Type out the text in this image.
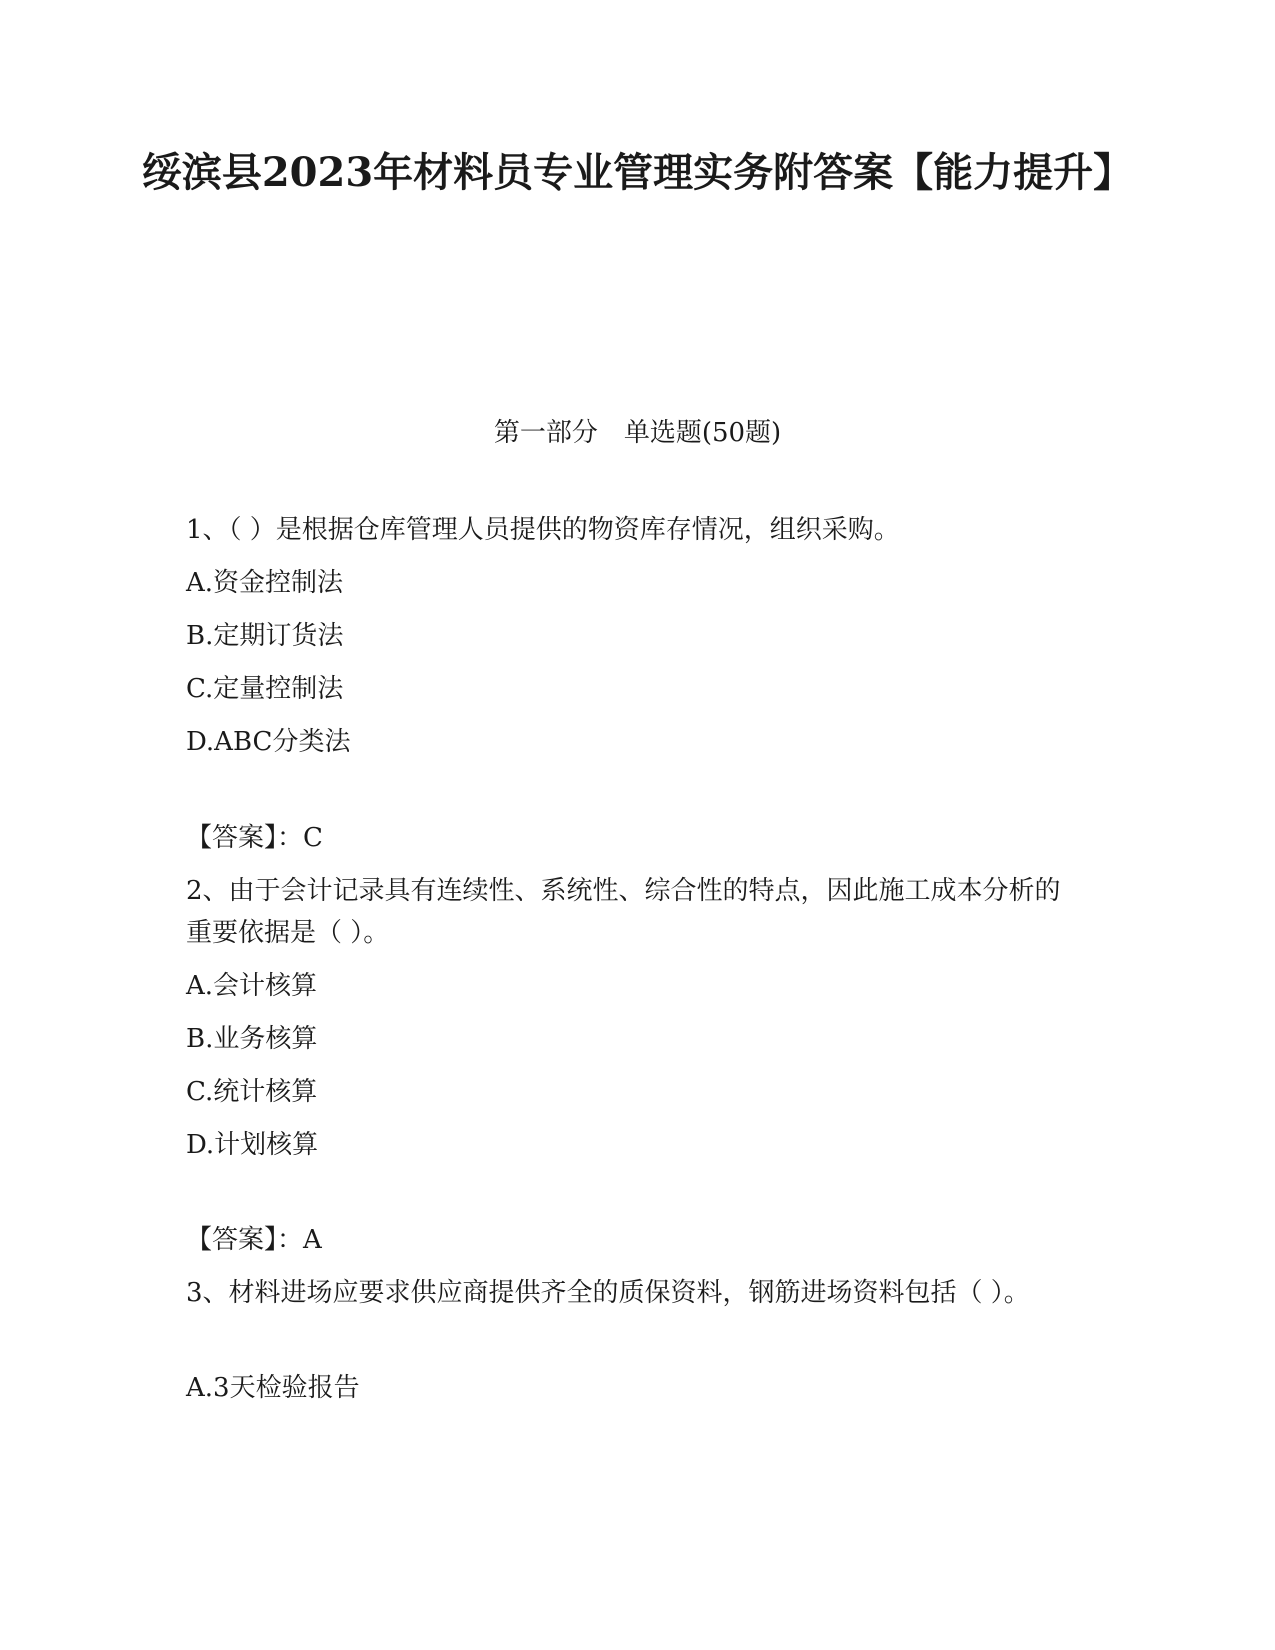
绥滨县2023年材料员专业管理实务附答案【能力提升】
第一部分　单选题(50题)
1、（ ）是根据仓库管理人员提供的物资库存情况，组织采购。
A.资金控制法
B.定期订货法
C.定量控制法
D.ABC分类法
【答案】：C
2、由于会计记录具有连续性、系统性、综合性的特点，因此施工成本分析的重要依据是（ ）。
A.会计核算
B.业务核算
C.统计核算
D.计划核算
【答案】：A
3、材料进场应要求供应商提供齐全的质保资料，钢筋进场资料包括（ ）。
A.3天检验报告
